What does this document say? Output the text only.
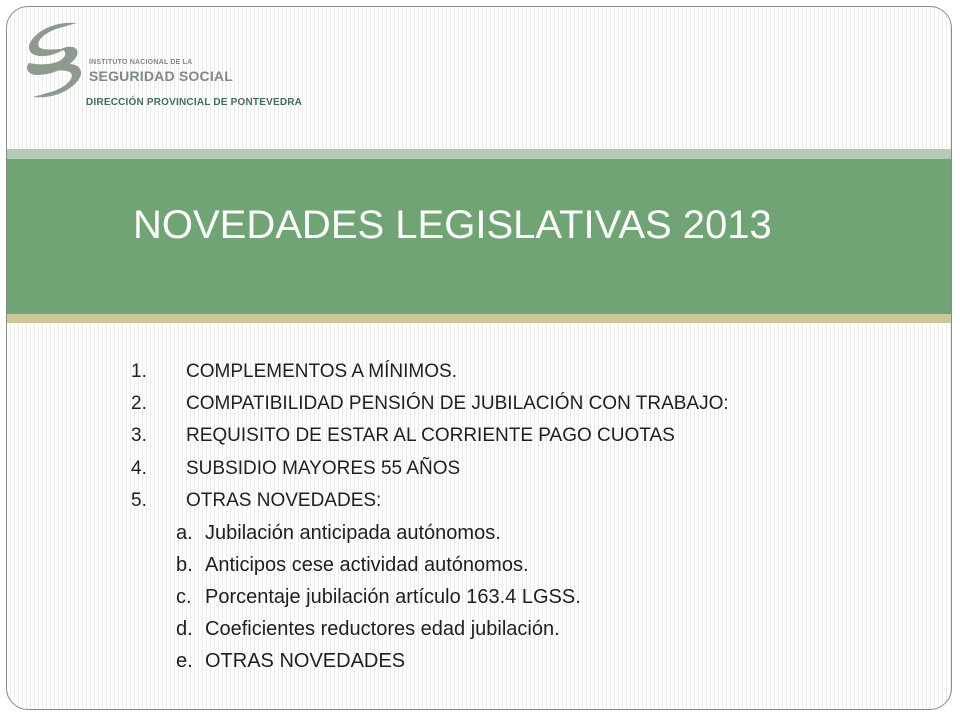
INSTITUTO NACIONAL DE LA
SEGURIDAD SOCIAL
DIRECCIÓN PROVINCIAL DE PONTEVEDRA
NOVEDADES LEGISLATIVAS 2013
1. COMPLEMENTOS A MÍNIMOS.
2. COMPATIBILIDAD PENSIÓN DE JUBILACIÓN CON TRABAJO:
3. REQUISITO DE ESTAR AL CORRIENTE PAGO CUOTAS
4. SUBSIDIO MAYORES 55 AÑOS
5. OTRAS NOVEDADES:
a. Jubilación anticipada autónomos.
b. Anticipos cese actividad autónomos.
c. Porcentaje jubilación artículo 163.4 LGSS.
d. Coeficientes reductores edad jubilación.
e. OTRAS NOVEDADES
